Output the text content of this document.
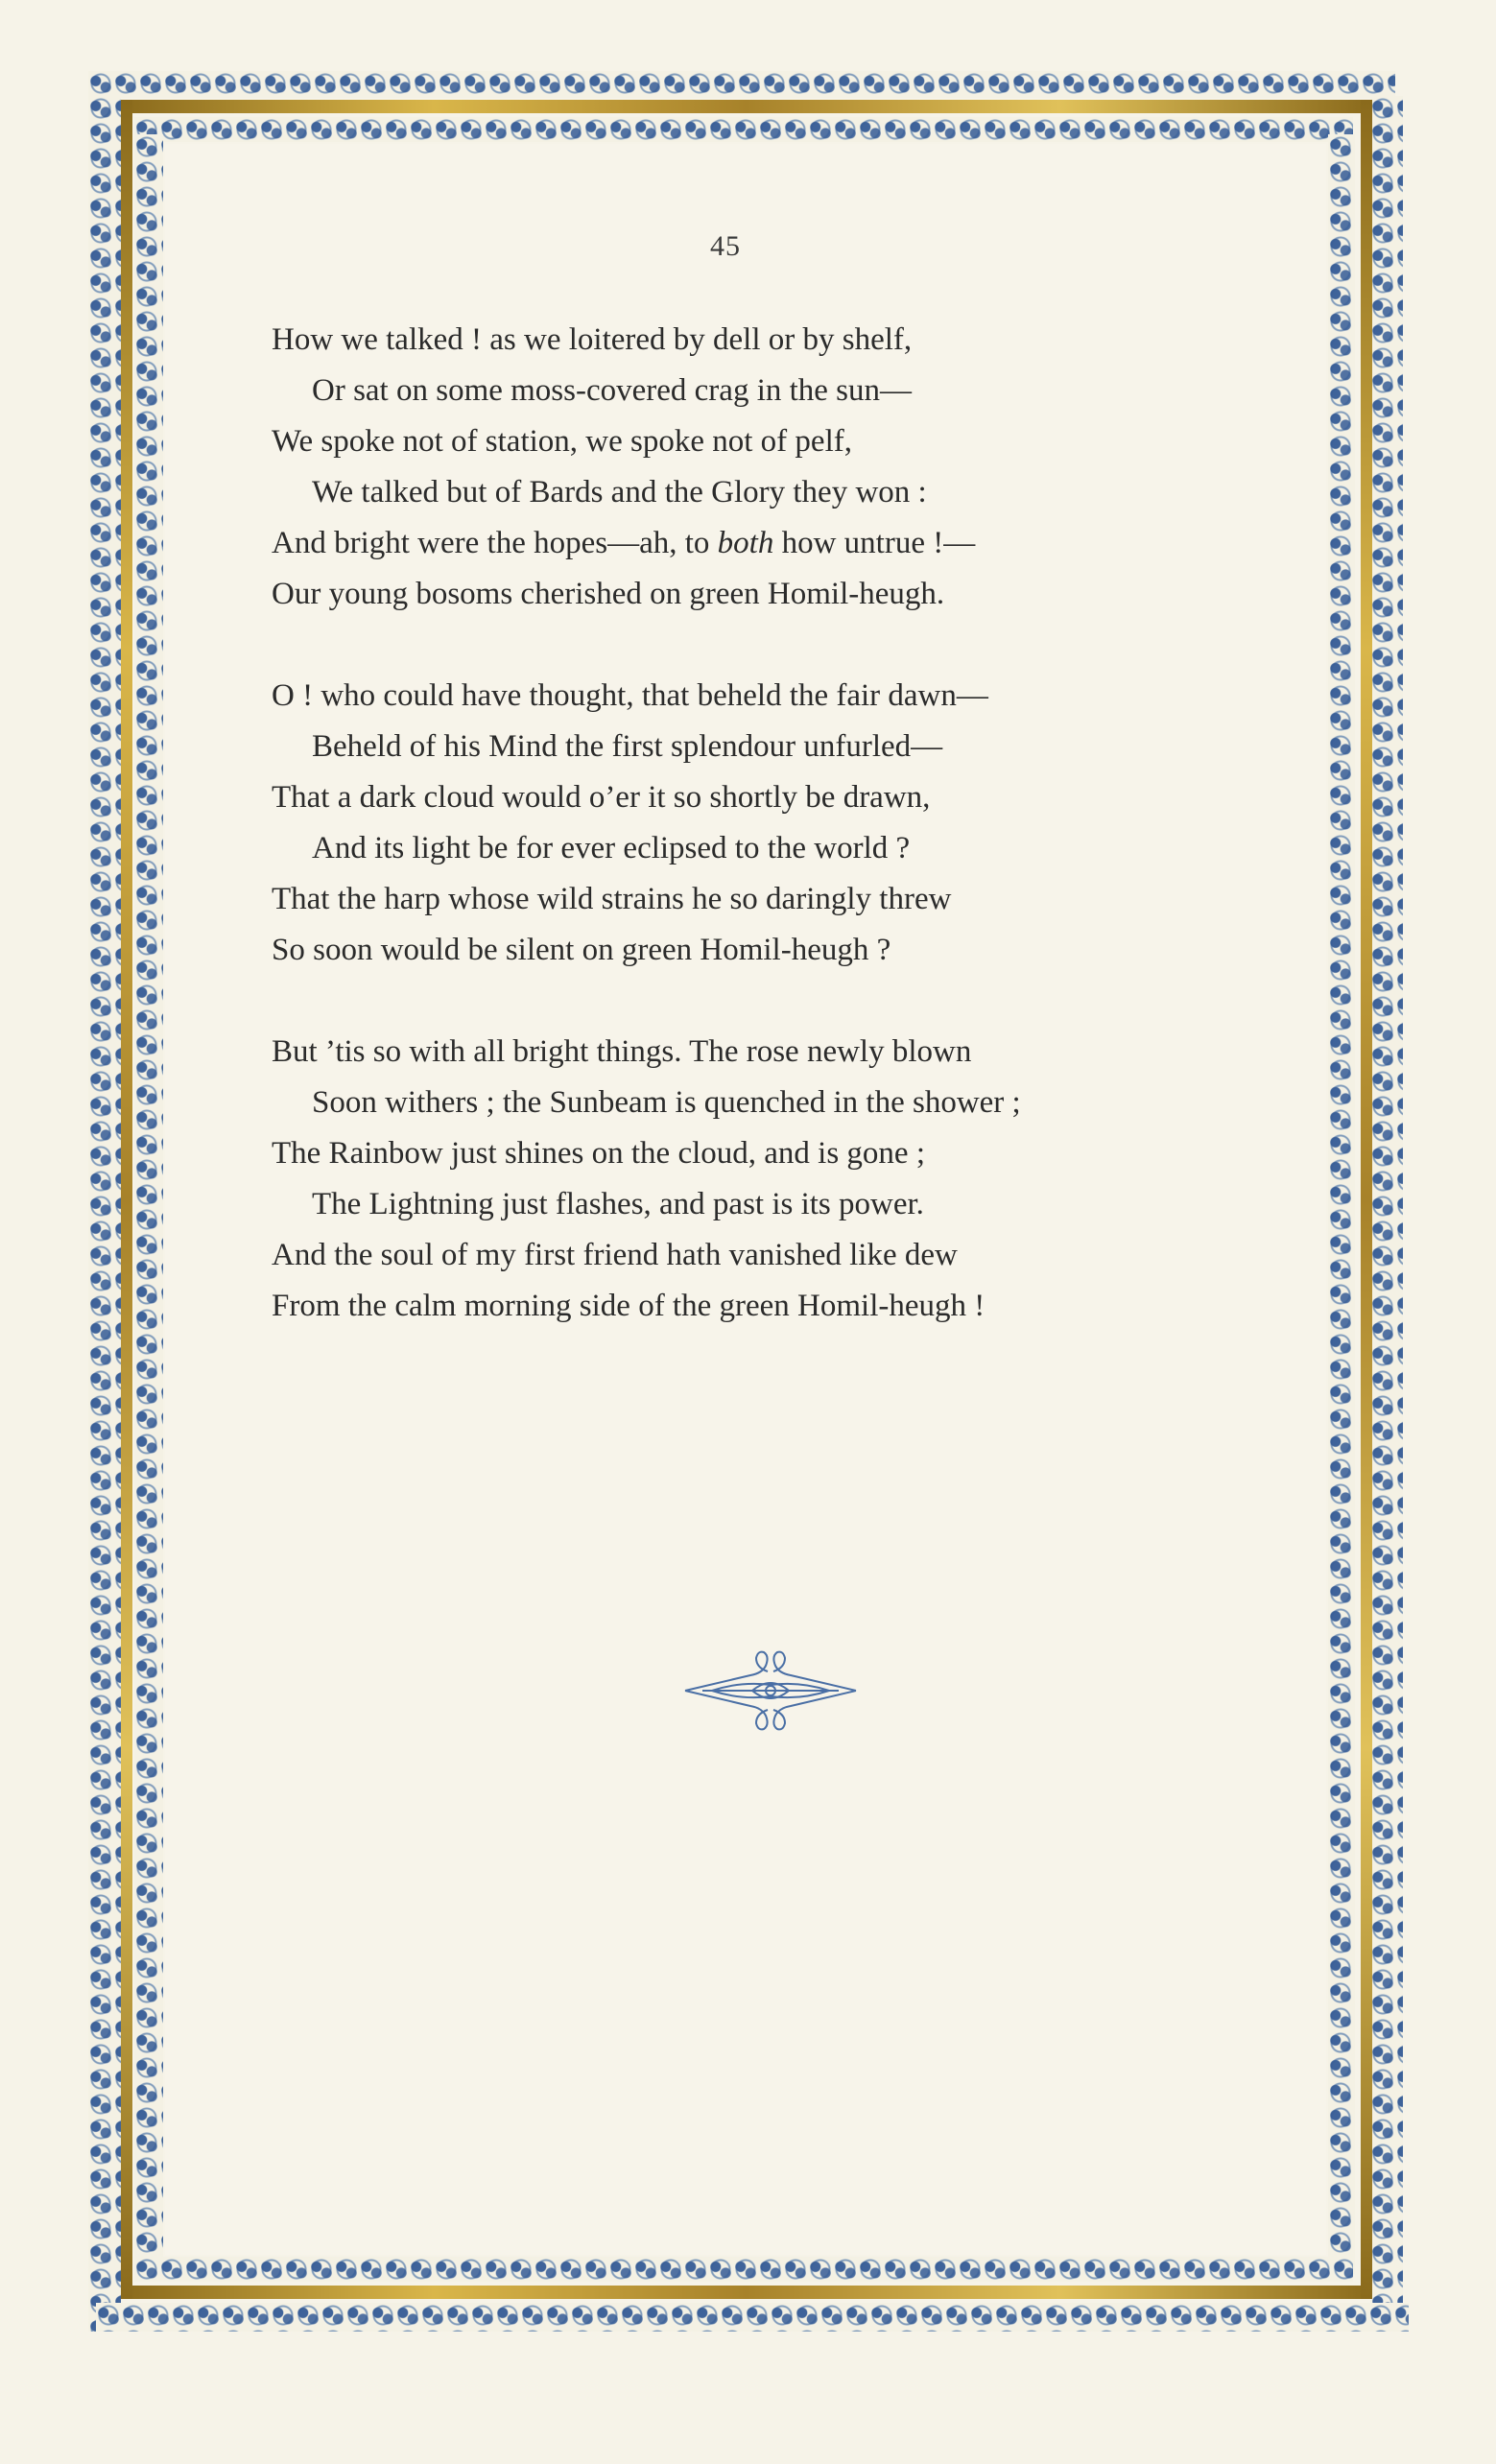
45
How we talked ! as we loitered by dell or by shelf,
Or sat on some moss-covered crag in the sun—
We spoke not of station, we spoke not of pelf,
We talked but of Bards and the Glory they won :
And bright were the hopes—ah, to both how untrue !—
Our young bosoms cherished on green Homil-heugh.
O ! who could have thought, that beheld the fair dawn—
Beheld of his Mind the first splendour unfurled—
That a dark cloud would o’er it so shortly be drawn,
And its light be for ever eclipsed to the world ?
That the harp whose wild strains he so daringly threw
So soon would be silent on green Homil-heugh ?
But ’tis so with all bright things. The rose newly blown
Soon withers ; the Sunbeam is quenched in the shower ;
The Rainbow just shines on the cloud, and is gone ;
The Lightning just flashes, and past is its power.
And the soul of my first friend hath vanished like dew
From the calm morning side of the green Homil-heugh !
